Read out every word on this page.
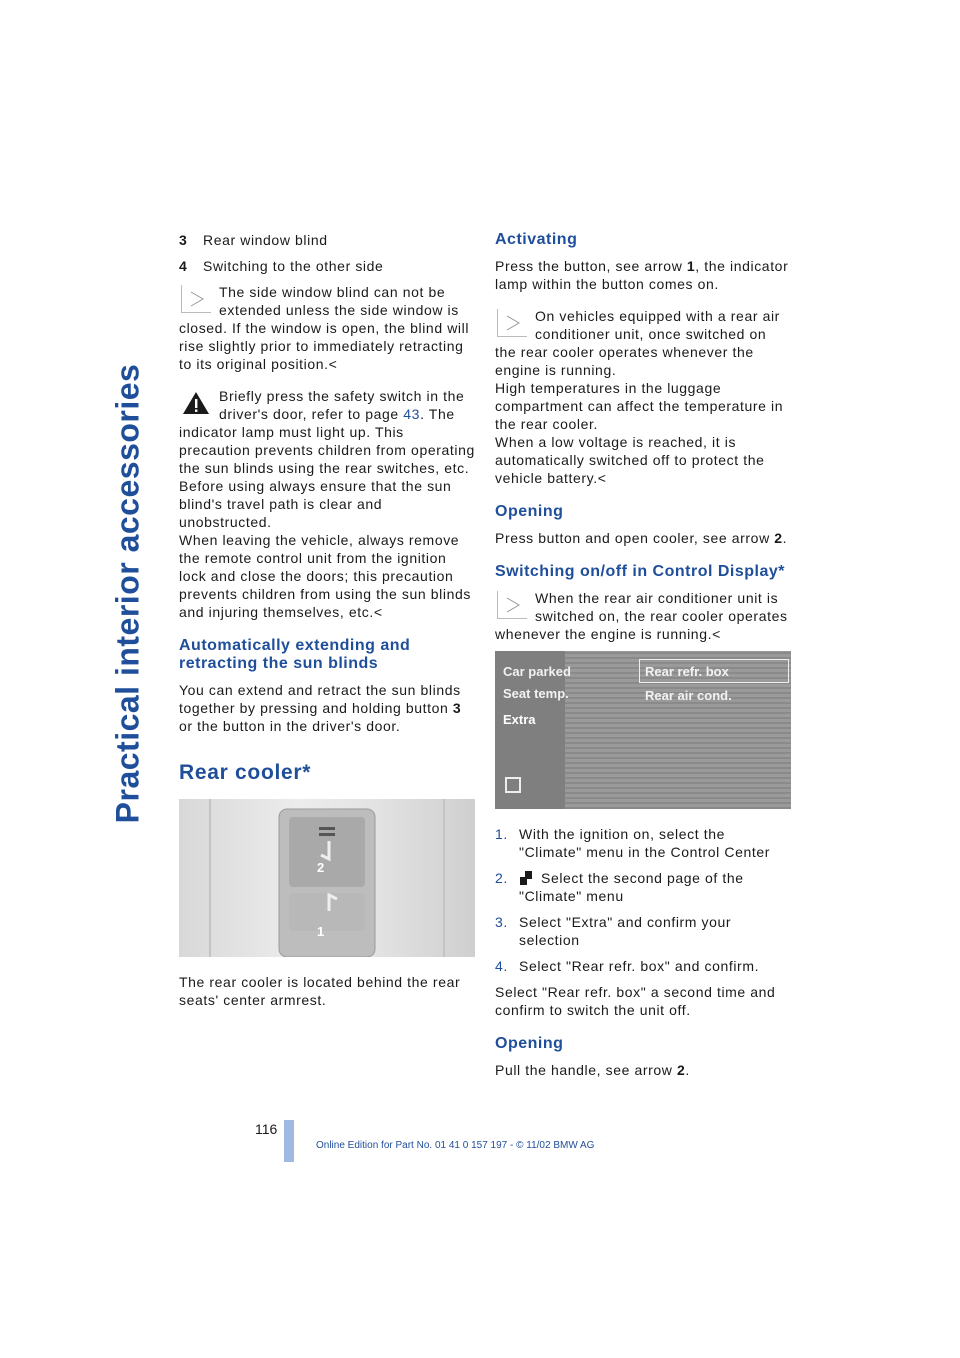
Practical interior accessories
3	Rear window blind
4	Switching to the other side
The side window blind can not be extended unless the side window is closed. If the window is open, the blind will rise slightly prior to immediately retracting to its original position.<
Briefly press the safety switch in the driver's door, refer to page 43. The indicator lamp must light up. This precaution prevents children from operating the sun blinds using the rear switches, etc. Before using always ensure that the sun blind's travel path is clear and unobstructed.
When leaving the vehicle, always remove the remote control unit from the ignition lock and close the doors; this precaution prevents children from using the sun blinds and injuring themselves, etc.<
Automatically extending and retracting the sun blinds

You can extend and retract the sun blinds together by pressing and holding button 3 or the button in the driver's door.

Rear cooler*
2
1

The rear cooler is located behind the rear seats' center armrest.

Activating

Press the button, see arrow 1, the indicator lamp within the button comes on.

On vehicles equipped with a rear air conditioner unit, once switched on the rear cooler operates whenever the engine is running.
High temperatures in the luggage compartment can affect the temperature in the rear cooler.
When a low voltage is reached, it is automatically switched off to protect the vehicle battery.<
Opening

Press button and open cooler, see arrow 2.

Switching on/off in Control Display*
When the rear air conditioner unit is switched on, the rear cooler operates whenever the engine is running.<
Car parked
Seat temp.
Extra
Rear refr. box
Rear air cond.
1. With the ignition on, select the "Climate" menu in the Control Center
2.	Select the second page of the "Climate" menu
3. Select "Extra" and confirm your selection
4. Select "Rear refr. box" and confirm.

Select "Rear refr. box" a second time and confirm to switch the unit off.

Opening

Pull the handle, see arrow 2.

116
Online Edition for Part No. 01 41 0 157 197 - © 11/02 BMW AG
